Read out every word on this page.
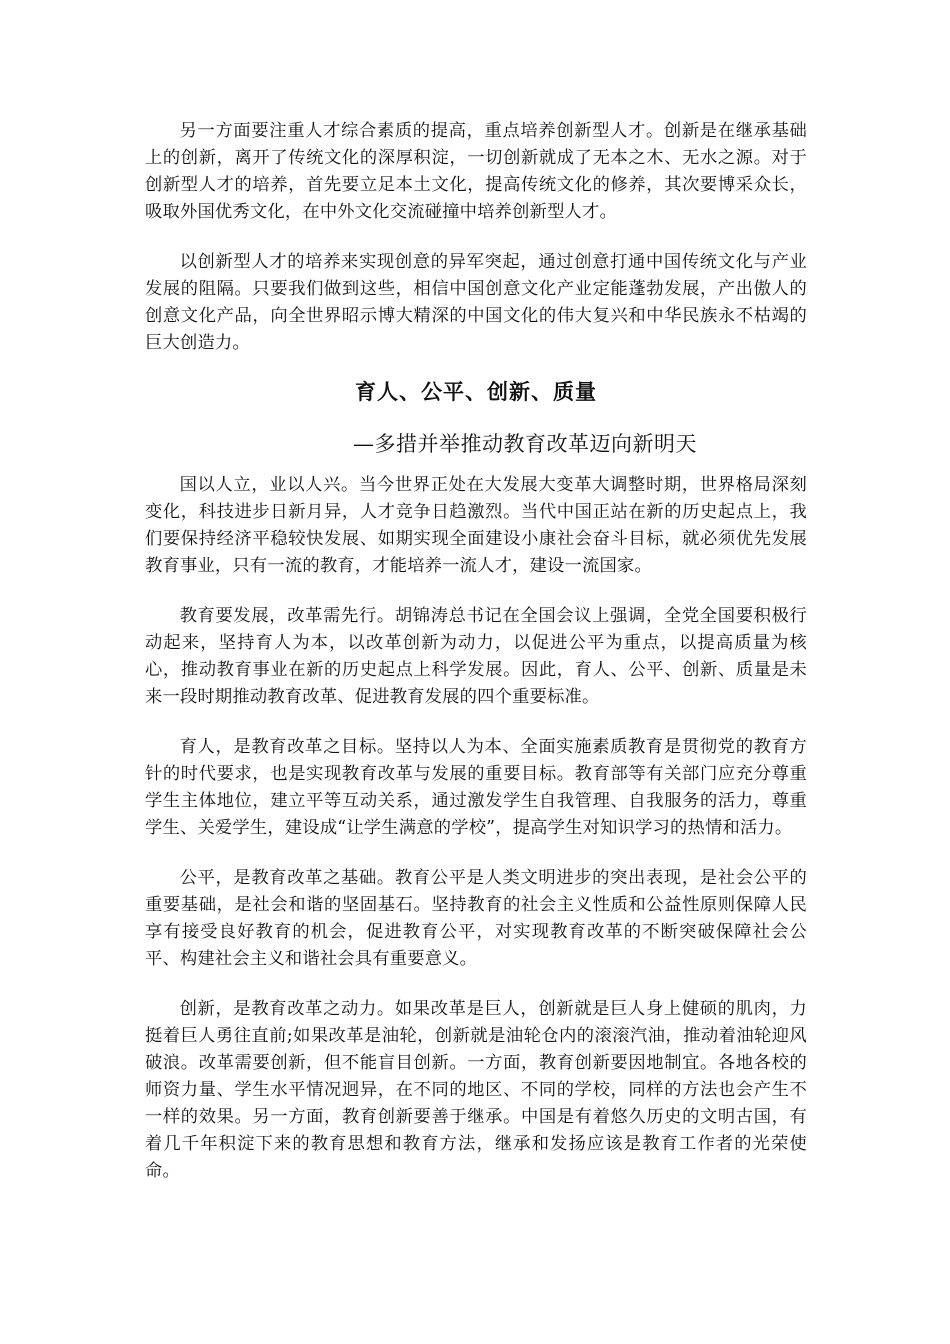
另一方面要注重人才综合素质的提高，重点培养创新型人才。创新是在继承基础上的创新，离开了传统文化的深厚积淀，一切创新就成了无本之木、无水之源。对于创新型人才的培养，首先要立足本土文化，提高传统文化的修养，其次要博采众长，吸取外国优秀文化，在中外文化交流碰撞中培养创新型人才。

以创新型人才的培养来实现创意的异军突起，通过创意打通中国传统文化与产业发展的阻隔。只要我们做到这些，相信中国创意文化产业定能蓬勃发展，产出傲人的创意文化产品，向全世界昭示博大精深的中国文化的伟大复兴和中华民族永不枯竭的巨大创造力。

育人、公平、创新、质量
—多措并举推动教育改革迈向新明天

国以人立，业以人兴。当今世界正处在大发展大变革大调整时期，世界格局深刻变化，科技进步日新月异，人才竞争日趋激烈。当代中国正站在新的历史起点上，我们要保持经济平稳较快发展、如期实现全面建设小康社会奋斗目标，就必须优先发展教育事业，只有一流的教育，才能培养一流人才，建设一流国家。

教育要发展，改革需先行。胡锦涛总书记在全国会议上强调，全党全国要积极行动起来，坚持育人为本，以改革创新为动力，以促进公平为重点，以提高质量为核心，推动教育事业在新的历史起点上科学发展。因此，育人、公平、创新、质量是未来一段时期推动教育改革、促进教育发展的四个重要标准。

育人，是教育改革之目标。坚持以人为本、全面实施素质教育是贯彻党的教育方针的时代要求，也是实现教育改革与发展的重要目标。教育部等有关部门应充分尊重学生主体地位，建立平等互动关系，通过激发学生自我管理、自我服务的活力，尊重学生、关爱学生，建设成“让学生满意的学校”，提高学生对知识学习的热情和活力。

公平，是教育改革之基础。教育公平是人类文明进步的突出表现，是社会公平的重要基础，是社会和谐的坚固基石。坚持教育的社会主义性质和公益性原则保障人民享有接受良好教育的机会，促进教育公平，对实现教育改革的不断突破保障社会公平、构建社会主义和谐社会具有重要意义。

创新，是教育改革之动力。如果改革是巨人，创新就是巨人身上健硕的肌肉，力挺着巨人勇往直前;如果改革是油轮，创新就是油轮仓内的滚滚汽油，推动着油轮迎风破浪。改革需要创新，但不能盲目创新。一方面，教育创新要因地制宜。各地各校的师资力量、学生水平情况迥异，在不同的地区、不同的学校，同样的方法也会产生不一样的效果。另一方面，教育创新要善于继承。中国是有着悠久历史的文明古国，有着几千年积淀下来的教育思想和教育方法，继承和发扬应该是教育工作者的光荣使命。
